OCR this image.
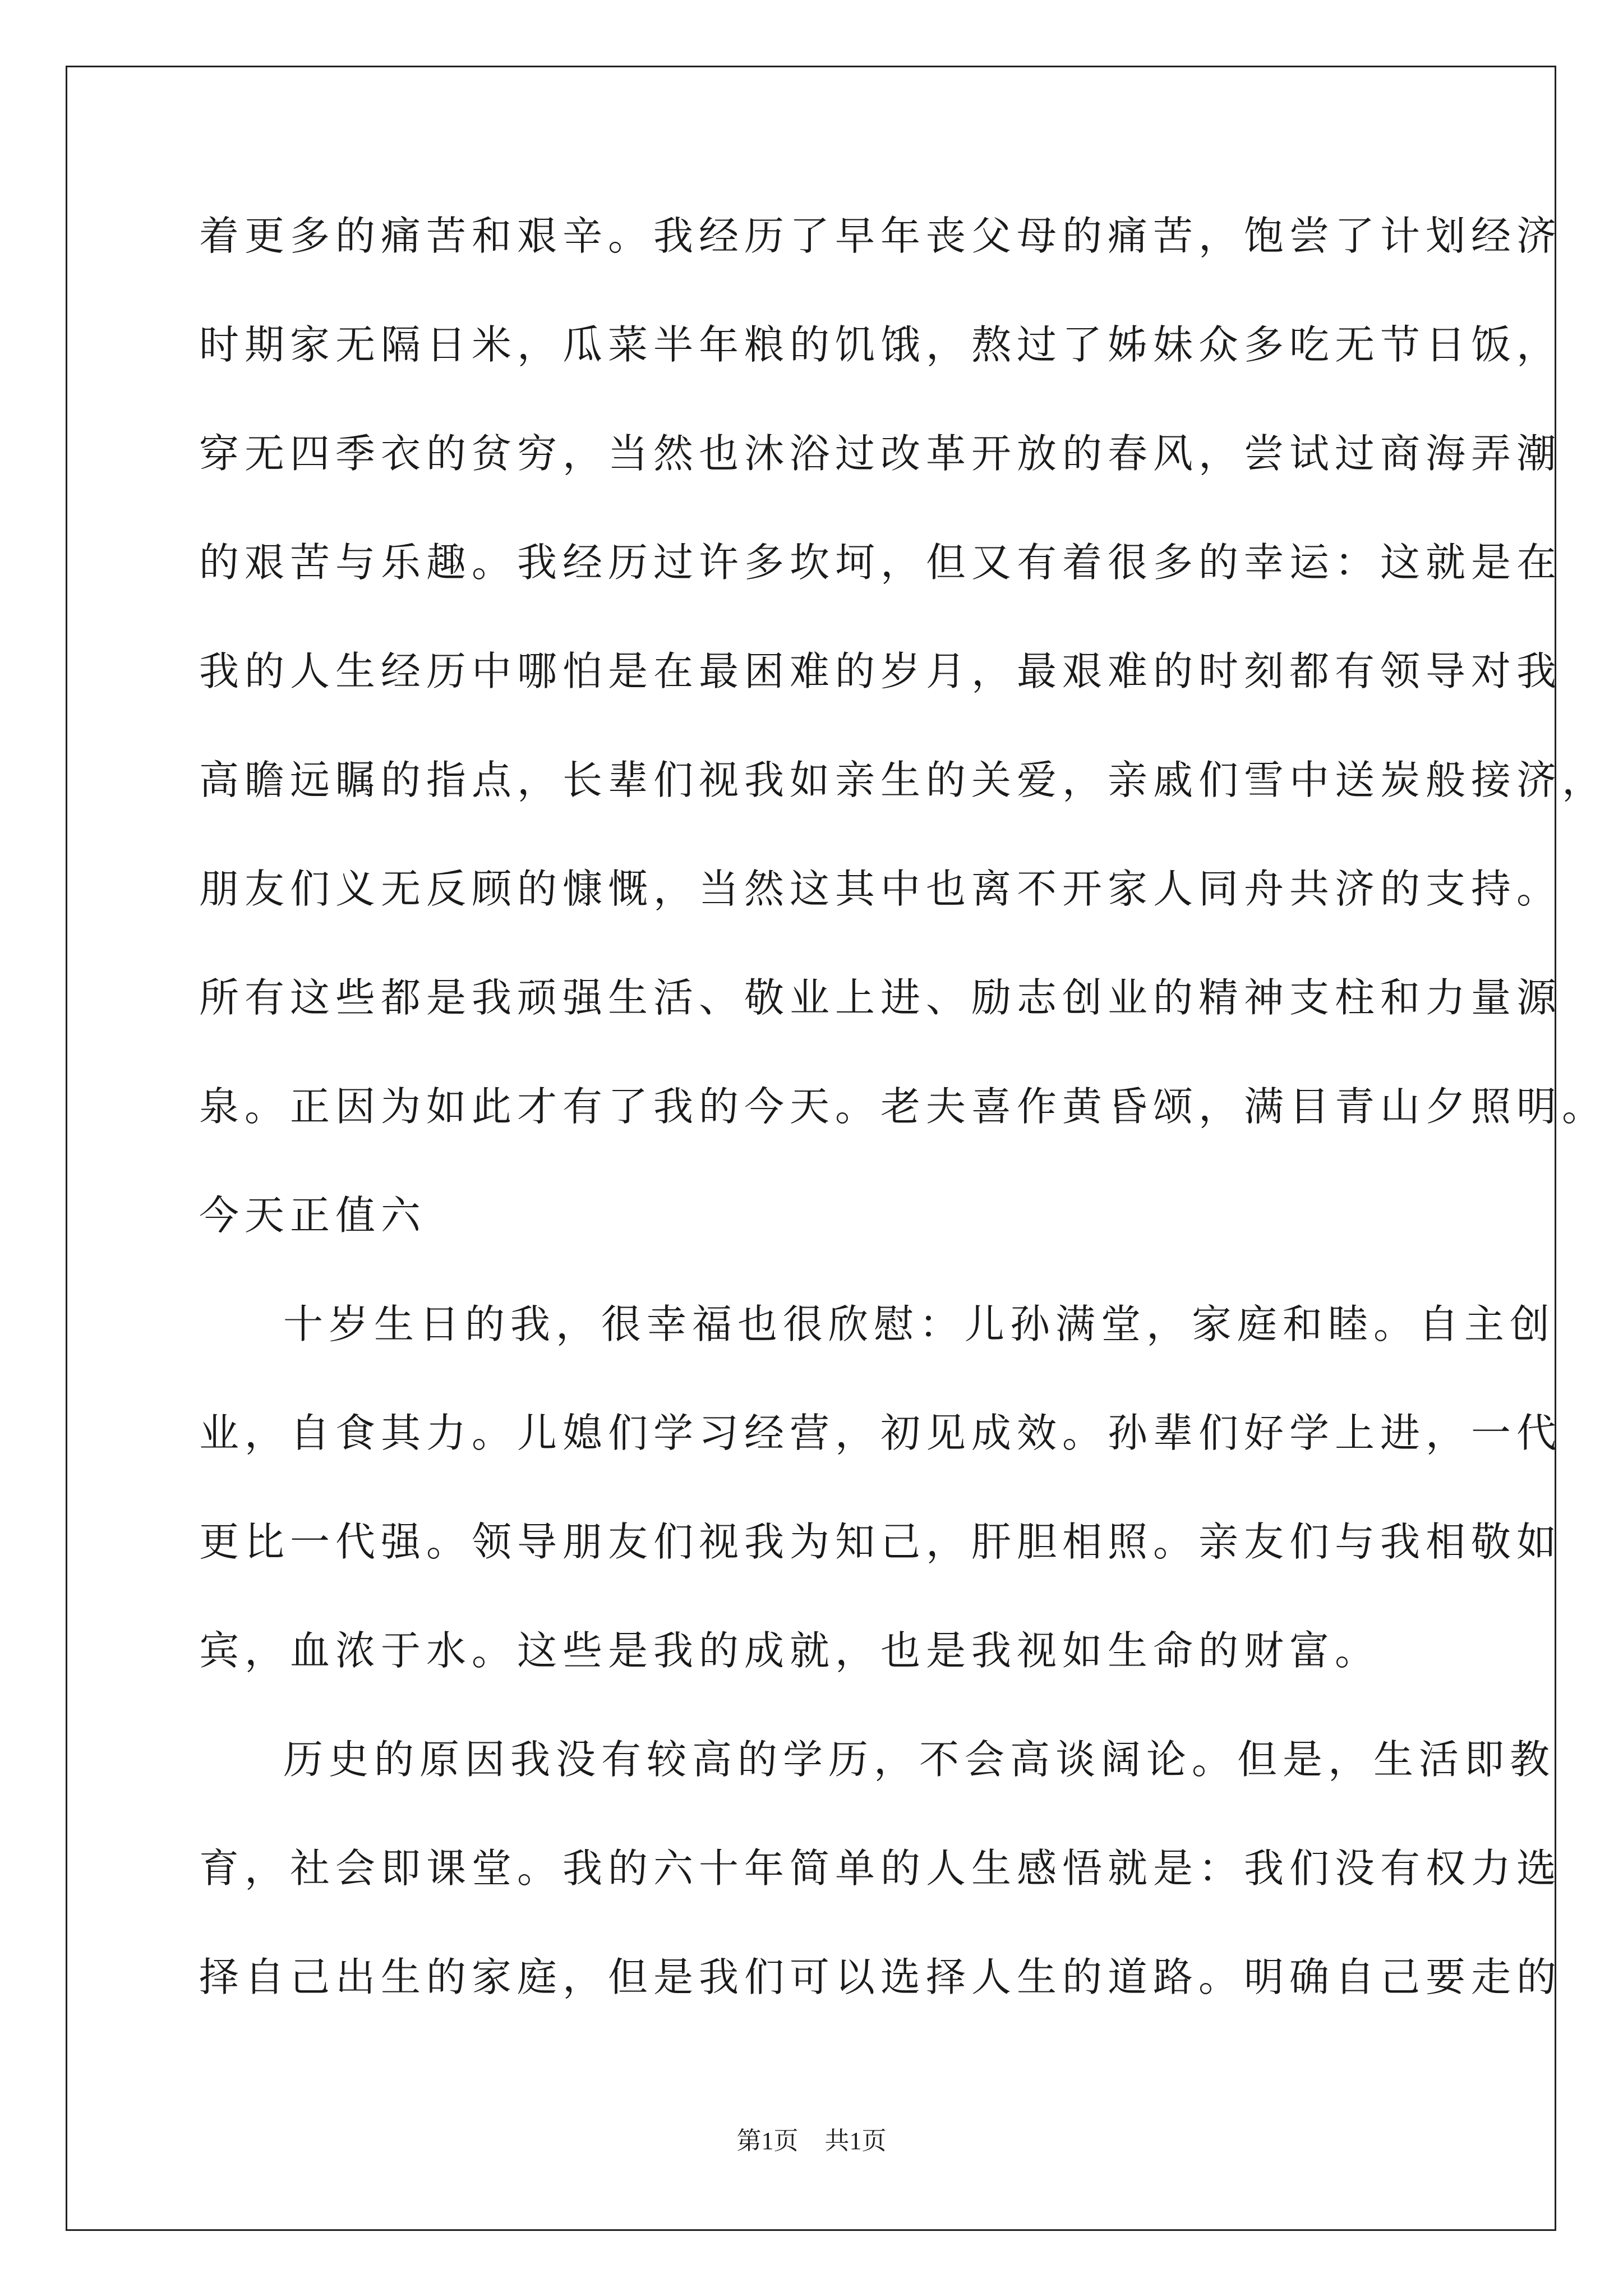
着更多的痛苦和艰辛。我经历了早年丧父母的痛苦，饱尝了计划经济
时期家无隔日米，瓜菜半年粮的饥饿，熬过了姊妹众多吃无节日饭，
穿无四季衣的贫穷，当然也沐浴过改革开放的春风，尝试过商海弄潮
的艰苦与乐趣。我经历过许多坎坷，但又有着很多的幸运：这就是在
我的人生经历中哪怕是在最困难的岁月，最艰难的时刻都有领导对我
高瞻远瞩的指点，长辈们视我如亲生的关爱，亲戚们雪中送炭般接济，
朋友们义无反顾的慷慨，当然这其中也离不开家人同舟共济的支持。
所有这些都是我顽强生活、敬业上进、励志创业的精神支柱和力量源
泉。正因为如此才有了我的今天。老夫喜作黄昏颂，满目青山夕照明。
今天正值六
十岁生日的我，很幸福也很欣慰：儿孙满堂，家庭和睦。自主创
业，自食其力。儿媳们学习经营，初见成效。孙辈们好学上进，一代
更比一代强。领导朋友们视我为知己，肝胆相照。亲友们与我相敬如
宾，血浓于水。这些是我的成就，也是我视如生命的财富。
历史的原因我没有较高的学历，不会高谈阔论。但是，生活即教
育，社会即课堂。我的六十年简单的人生感悟就是：我们没有权力选
择自己出生的家庭，但是我们可以选择人生的道路。明确自己要走的
第1页 共1页
